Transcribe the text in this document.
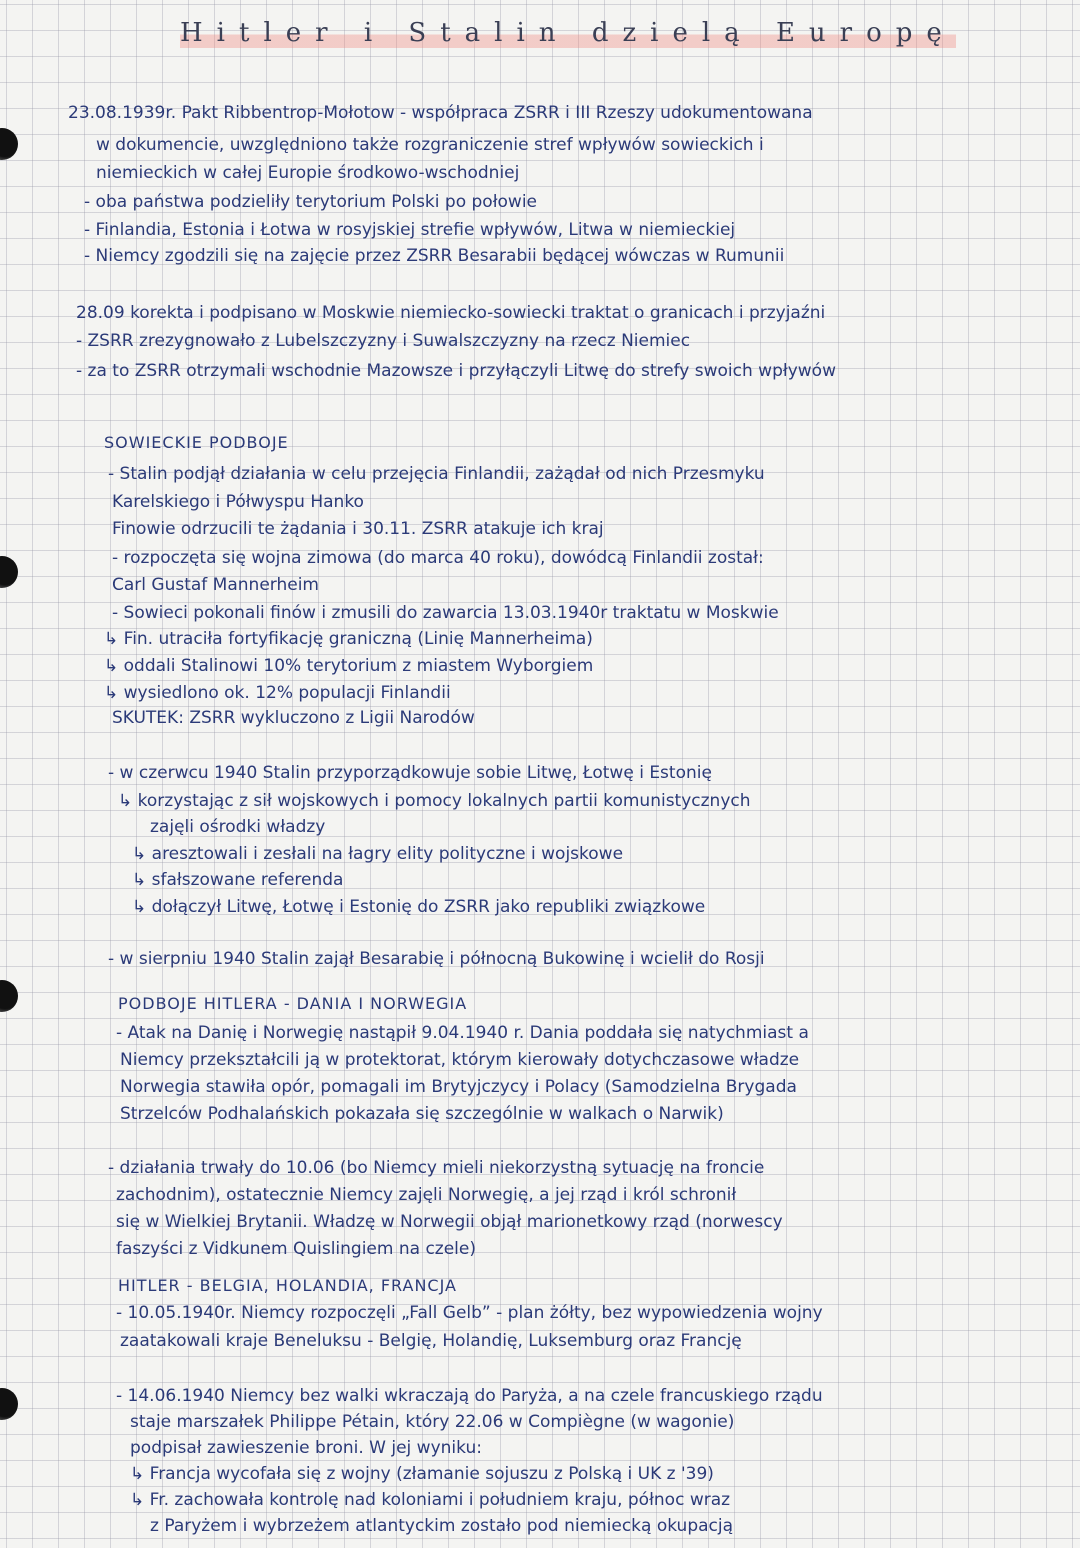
Hitler i Stalin dzielą Europę
23.08.1939r. Pakt Ribbentrop-Mołotow - współpraca ZSRR i III Rzeszy udokumentowana
w dokumencie, uwzględniono także rozgraniczenie stref wpływów sowieckich i
niemieckich w całej Europie środkowo-wschodniej
- oba państwa podzieliły terytorium Polski po połowie
- Finlandia, Estonia i Łotwa w rosyjskiej strefie wpływów, Litwa w niemieckiej
- Niemcy zgodzili się na zajęcie przez ZSRR Besarabii będącej wówczas w Rumunii
28.09 korekta i podpisano w Moskwie niemiecko-sowiecki traktat o granicach i przyjaźni
- ZSRR zrezygnowało z Lubelszczyzny i Suwalszczyzny na rzecz Niemiec
- za to ZSRR otrzymali wschodnie Mazowsze i przyłączyli Litwę do strefy swoich wpływów
SOWIECKIE PODBOJE
- Stalin podjął działania w celu przejęcia Finlandii, zażądał od nich Przesmyku
Karelskiego i Półwyspu Hanko
Finowie odrzucili te żądania i 30.11. ZSRR atakuje ich kraj
- rozpoczęta się wojna zimowa (do marca 40 roku), dowódcą Finlandii został:
Carl Gustaf Mannerheim
- Sowieci pokonali finów i zmusili do zawarcia 13.03.1940r traktatu w Moskwie
↳ Fin. utraciła fortyfikację graniczną (Linię Mannerheima)
↳ oddali Stalinowi 10% terytorium z miastem Wyborgiem
↳ wysiedlono ok. 12% populacji Finlandii
SKUTEK: ZSRR wykluczono z Ligii Narodów
- w czerwcu 1940 Stalin przyporządkowuje sobie Litwę, Łotwę i Estonię
↳ korzystając z sił wojskowych i pomocy lokalnych partii komunistycznych
zajęli ośrodki władzy
↳ aresztowali i zesłali na łagry elity polityczne i wojskowe
↳ sfałszowane referenda
↳ dołączył Litwę, Łotwę i Estonię do ZSRR jako republiki związkowe
- w sierpniu 1940 Stalin zajął Besarabię i północną Bukowinę i wcielił do Rosji
PODBOJE HITLERA - DANIA I NORWEGIA
- Atak na Danię i Norwegię nastąpił 9.04.1940 r. Dania poddała się natychmiast a
Niemcy przekształcili ją w protektorat, którym kierowały dotychczasowe władze
Norwegia stawiła opór, pomagali im Brytyjczycy i Polacy (Samodzielna Brygada
Strzelców Podhalańskich pokazała się szczególnie w walkach o Narwik)
- działania trwały do 10.06 (bo Niemcy mieli niekorzystną sytuację na froncie
zachodnim), ostatecznie Niemcy zajęli Norwegię, a jej rząd i król schronił
się w Wielkiej Brytanii. Władzę w Norwegii objął marionetkowy rząd (norwescy
faszyści z Vidkunem Quislingiem na czele)
HITLER - BELGIA, HOLANDIA, FRANCJA
- 10.05.1940r. Niemcy rozpoczęli „Fall Gelb” - plan żółty, bez wypowiedzenia wojny
zaatakowali kraje Beneluksu - Belgię, Holandię, Luksemburg oraz Francję
- 14.06.1940 Niemcy bez walki wkraczają do Paryża, a na czele francuskiego rządu
staje marszałek Philippe Pétain, który 22.06 w Compiègne (w wagonie)
podpisał zawieszenie broni. W jej wyniku:
↳ Francja wycofała się z wojny (złamanie sojuszu z Polską i UK z '39)
↳ Fr. zachowała kontrolę nad koloniami i południem kraju, północ wraz
z Paryżem i wybrzeżem atlantyckim zostało pod niemiecką okupacją
